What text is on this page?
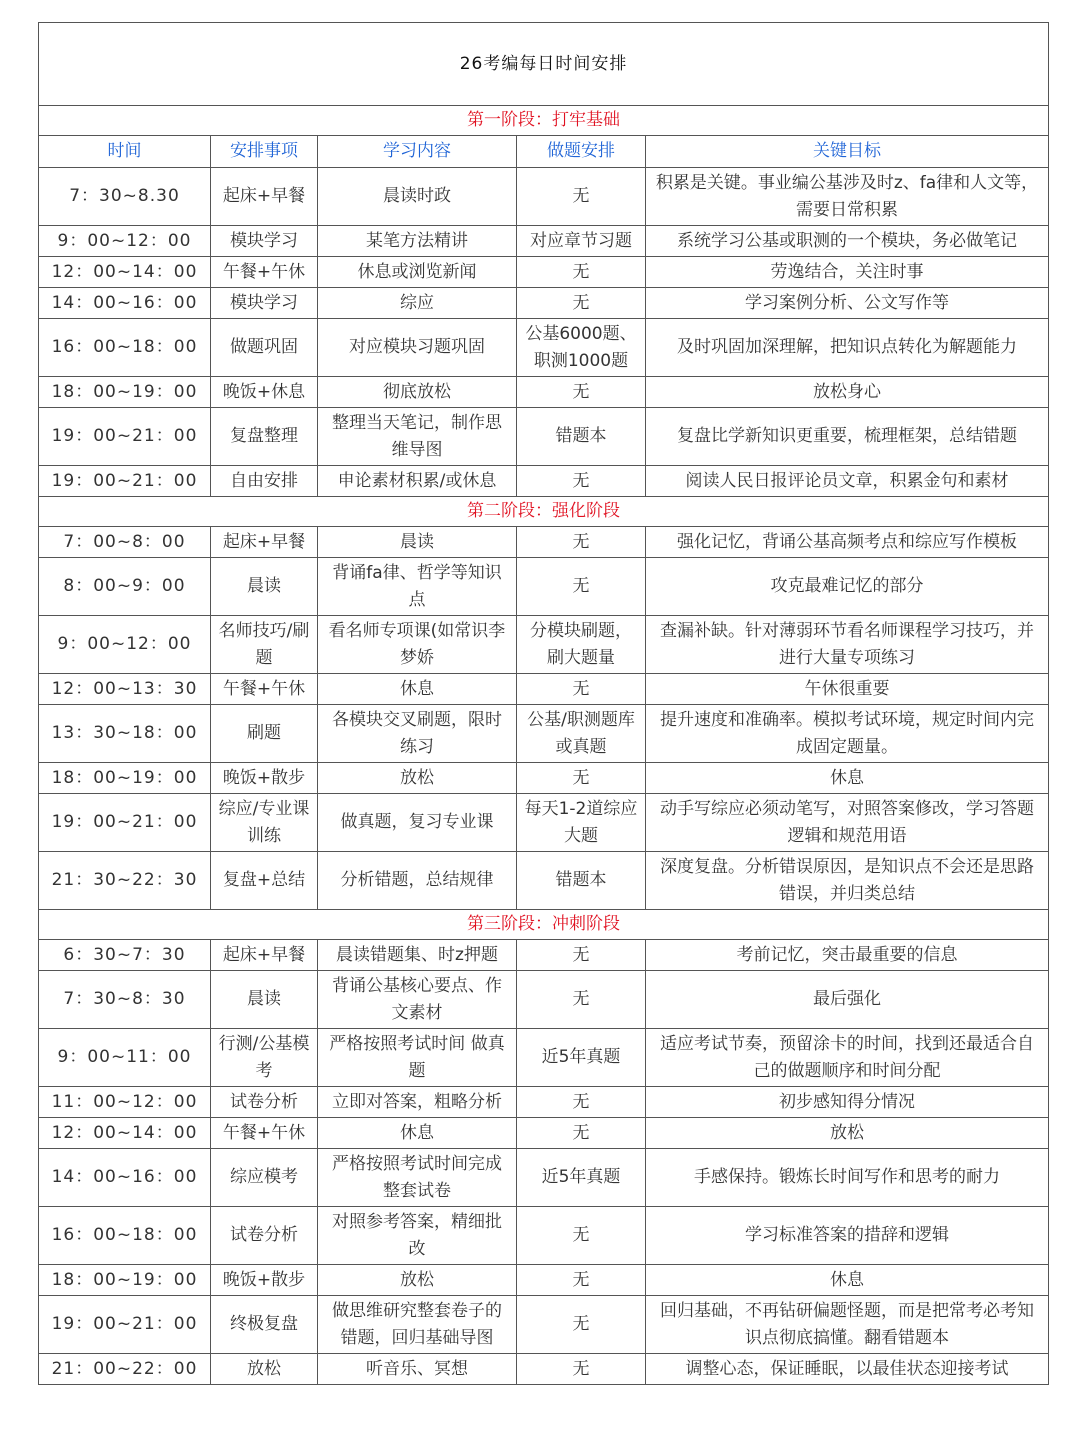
26考编每日时间安排				
第一阶段：打牢基础				
时间	安排事项	学习内容	做题安排	关键目标
7：30~8.30	起床+早餐	晨读时政	无	积累是关键。事业编公基涉及时z、fa律和人文等，需要日常积累
9：00~12：00	模块学习	某笔方法精讲	对应章节习题	系统学习公基或职测的一个模块，务必做笔记
12：00~14：00	午餐+午休	休息或浏览新闻	无	劳逸结合，关注时事
14：00~16：00	模块学习	综应	无	学习案例分析、公文写作等
16：00~18：00	做题巩固	对应模块习题巩固	公基6000题、职测1000题	及时巩固加深理解，把知识点转化为解题能力
18：00~19：00	晚饭+休息	彻底放松	无	放松身心
19：00~21：00	复盘整理	整理当天笔记，制作思维导图	错题本	复盘比学新知识更重要，梳理框架，总结错题
19：00~21：00	自由安排	申论素材积累/或休息	无	阅读人民日报评论员文章，积累金句和素材
第二阶段：强化阶段				
7：00~8：00	起床+早餐	晨读	无	强化记忆，背诵公基高频考点和综应写作模板
8：00~9：00	晨读	背诵fa律、哲学等知识点	无	攻克最难记忆的部分
9：00~12：00	名师技巧/刷题	看名师专项课(如常识李梦娇	分模块刷题，刷大题量	查漏补缺。针对薄弱环节看名师课程学习技巧，并进行大量专项练习
12：00~13：30	午餐+午休	休息	无	午休很重要
13：30~18：00	刷题	各模块交叉刷题，限时练习	公基/职测题库或真题	提升速度和准确率。模拟考试环境，规定时间内完成固定题量。
18：00~19：00	晚饭+散步	放松	无	休息
19：00~21：00	综应/专业课训练	做真题，复习专业课	每天1-2道综应大题	动手写综应必须动笔写，对照答案修改，学习答题逻辑和规范用语
21：30~22：30	复盘+总结	分析错题，总结规律	错题本	深度复盘。分析错误原因，是知识点不会还是思路错误，并归类总结
第三阶段：冲刺阶段				
6：30~7：30	起床+早餐	晨读错题集、时z押题	无	考前记忆，突击最重要的信息
7：30~8：30	晨读	背诵公基核心要点、作文素材	无	最后强化
9：00~11：00	行测/公基模考	严格按照考试时间 做真题	近5年真题	适应考试节奏，预留涂卡的时间，找到还最适合自己的做题顺序和时间分配
11：00~12：00	试卷分析	立即对答案，粗略分析	无	初步感知得分情况
12：00~14：00	午餐+午休	休息	无	放松
14：00~16：00	综应模考	严格按照考试时间完成整套试卷	近5年真题	手感保持。锻炼长时间写作和思考的耐力
16：00~18：00	试卷分析	对照参考答案，精细批改	无	学习标准答案的措辞和逻辑
18：00~19：00	晚饭+散步	放松	无	休息
19：00~21：00	终极复盘	做思维研究整套卷子的错题，回归基础导图	无	回归基础，不再钻研偏题怪题，而是把常考必考知识点彻底搞懂。翻看错题本
21：00~22：00	放松	听音乐、冥想	无	调整心态，保证睡眠，以最佳状态迎接考试
